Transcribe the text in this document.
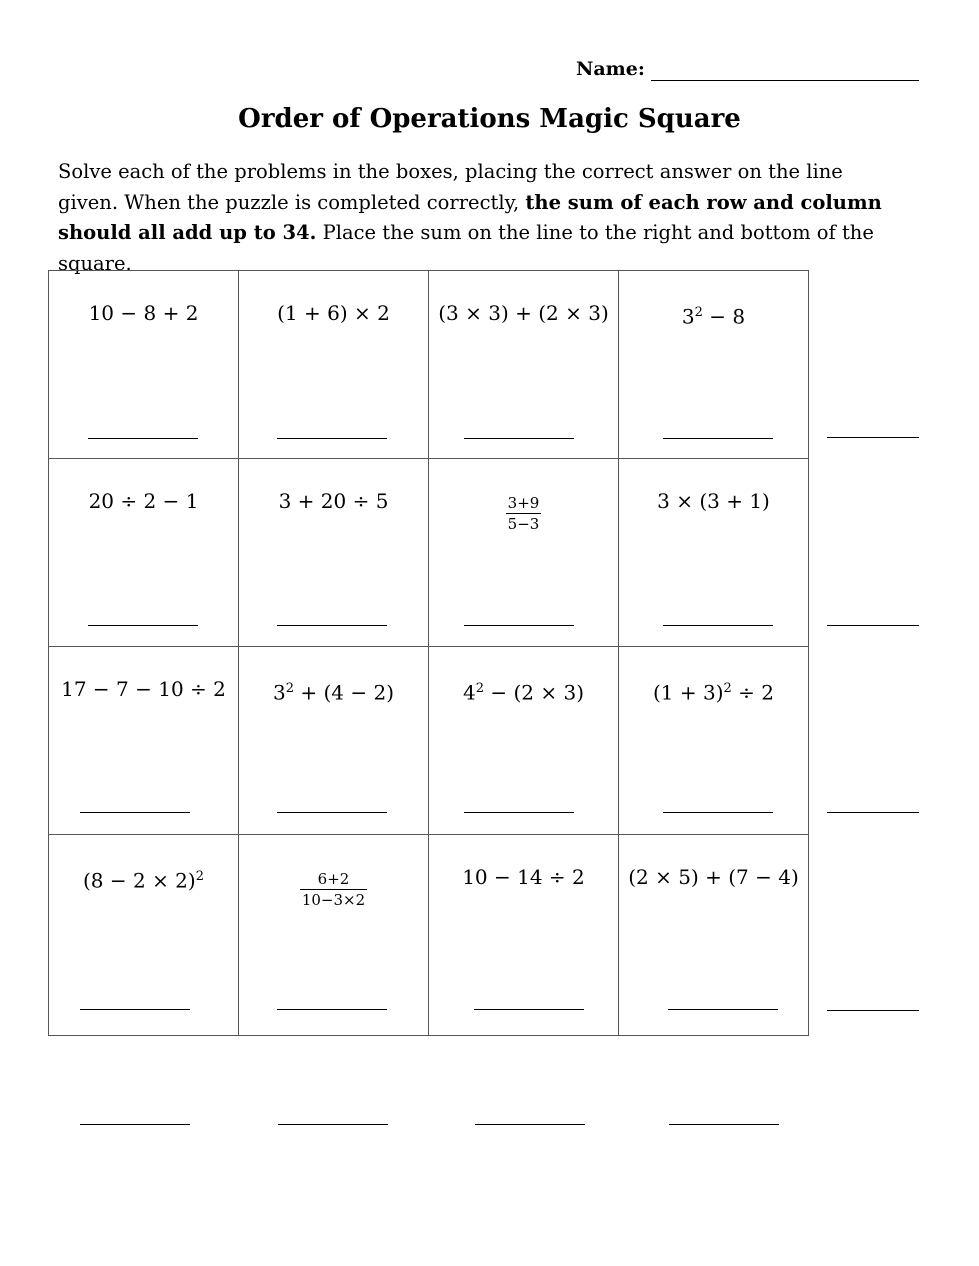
Name:
Order of Operations Magic Square
Solve each of the problems in the boxes, placing the correct answer on the line given. When the puzzle is completed correctly, the sum of each row and column should all add up to 34. Place the sum on the line to the right and bottom of the square.
10 − 8 + 2	(1 + 6) × 2	(3 × 3) + (2 × 3)	$3^2 - 8$

20 ÷ 2 − 1	3 + 20 ÷ 5	$\frac{3+9}{5-3}$	3 × (3 + 1)

17 − 7 − 10 ÷ 2	$3^2 + (4 - 2)$	$4^2 - (2 \times 3)$	$(1 + 3)^2 \div 2$

$(8 - 2 \times 2)^2$	$\frac{6+2}{10-3\times 2}$	10 − 14 ÷ 2	(2 × 5) + (7 − 4)
